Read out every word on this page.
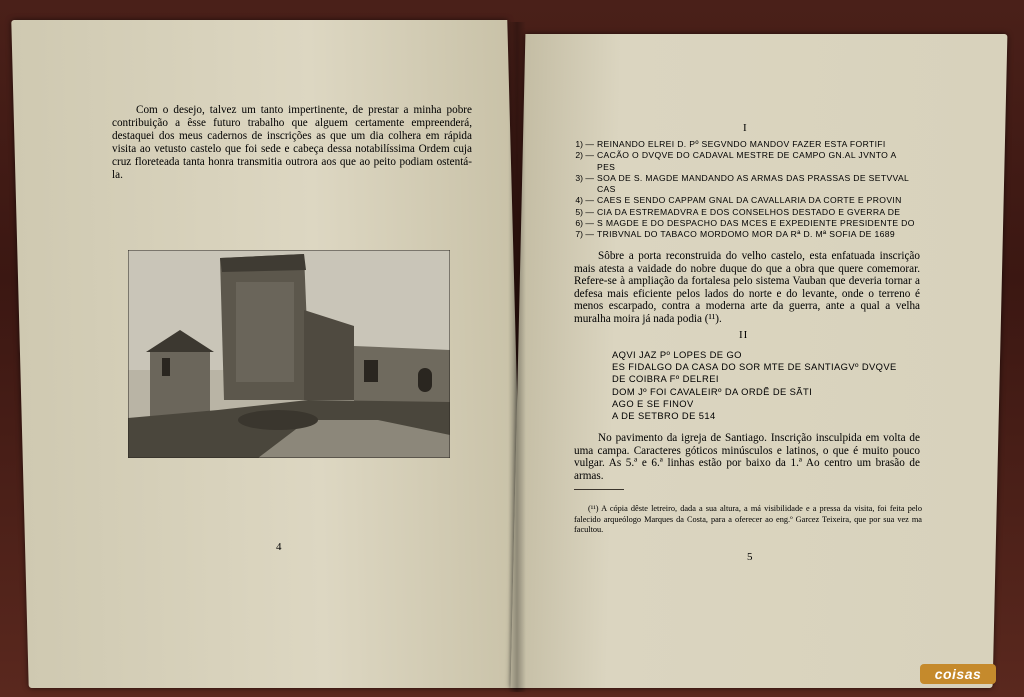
Com o desejo, talvez um tanto impertinente, de prestar a minha pobre contribuição a êsse futuro trabalho que alguem certamente empreenderá, destaquei dos meus cadernos de inscrições as que um dia colhera em rápida visita ao vetusto castelo que foi sede e cabeça dessa notabilíssima Ordem cuja cruz floreteada tanta honra transmitia outrora aos que ao peito podiam ostentá-la.
4
I
1) — REINANDO ELREI D. Pº SEGVNDO MANDOV FAZER ESTA FORTIFI
2) — CACÃO O DVQVE DO CADAVAL MESTRE DE CAMPO GN.AL JVNTO A
PES
3) — SOA DE S. MAGDE MANDANDO AS ARMAS DAS PRASSAS DE SETVVAL
CAS
4) — CAES E SENDO CAPPAM GNAL DA CAVALLARIA DA CORTE E PROVIN
5) — CIA DA ESTREMADVRA E DOS CONSELHOS DESTADO E GVERRA DE
6) — S MAGDE E DO DESPACHO DAS MCES E EXPEDIENTE PRESIDENTE DO
7) — TRIBVNAL DO TABACO MORDOMO MOR DA Rª D. Mª SOFIA DE 1689
Sôbre a porta reconstruida do velho castelo, esta enfatuada inscrição mais atesta a vaidade do nobre duque do que a obra que quere comemorar. Refere-se à ampliação da fortalesa pelo sistema Vauban que deveria tornar a defesa mais eficiente pelos lados do norte e do levante, onde o terreno é menos escarpado, contra a moderna arte da guerra, ante a qual a velha muralha moira já nada podia (¹¹).
II
AQVI JAZ Pº LOPES DE GO
ES FIDALGO DA CASA DO SOR MTE DE SANTIAGVº DVQVE
DE COIBRA Fº DELREI
DOM Jº FOI CAVALEIRº DA ORDẼ DE SÃTI
AGO E SE FINOV
A DE SETBRO DE 514
No pavimento da igreja de Santiago. Inscrição insculpida em volta de uma campa. Caracteres góticos minúsculos e latinos, o que é muito pouco vulgar. As 5.ª e 6.ª linhas estão por baixo da 1.ª Ao centro um brasão de armas.
(¹¹) A cópia dêste letreiro, dada a sua altura, a má visibilidade e a pressa da visita, foi feita pelo falecido arqueólogo Marques da Costa, para a oferecer ao eng.º Garcez Teixeira, que por sua vez ma facultou.
5
coisas
